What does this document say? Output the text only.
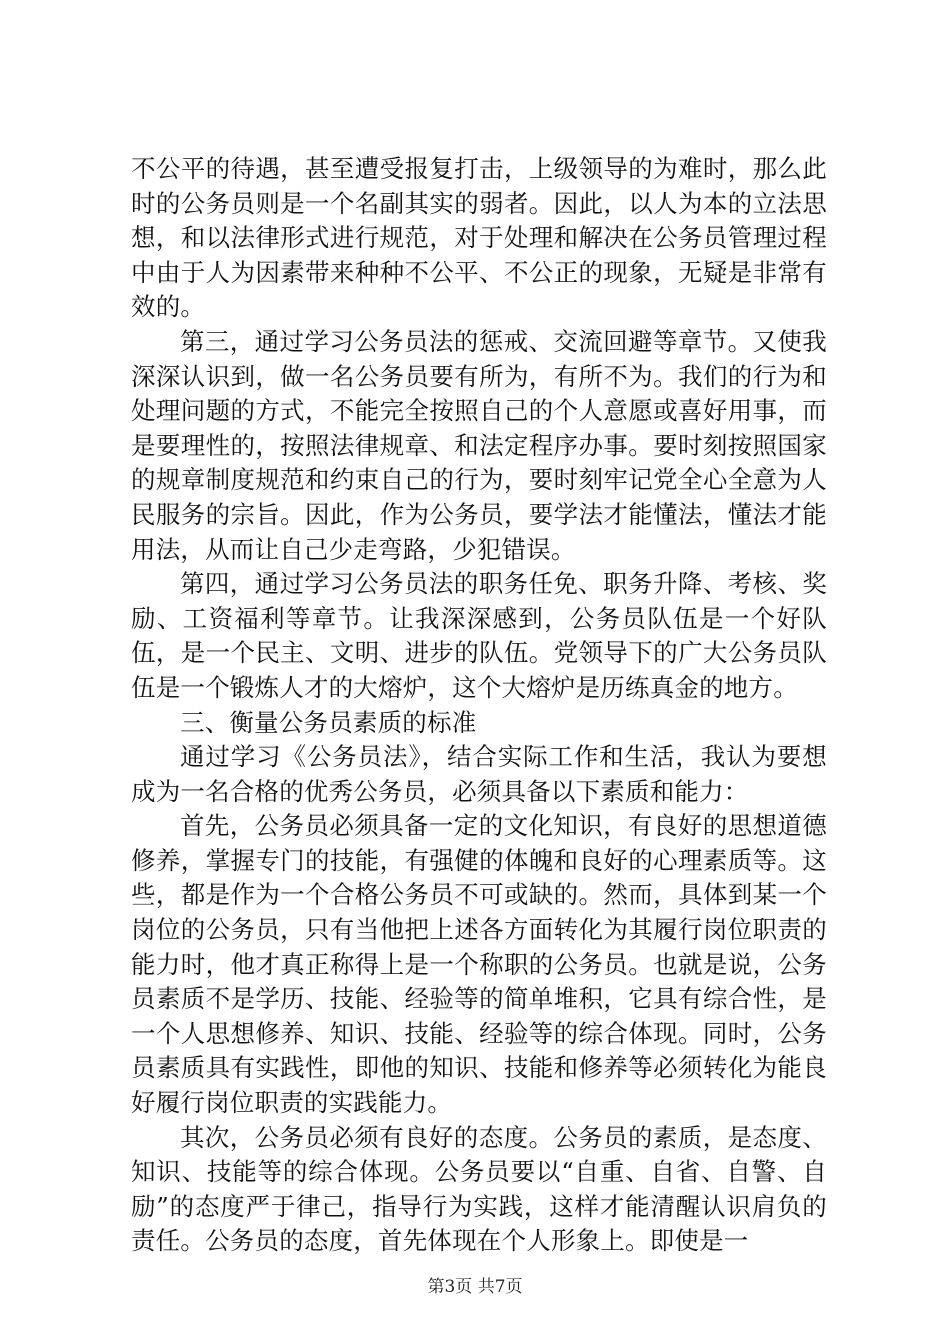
不公平的待遇，甚至遭受报复打击，上级领导的为难时，那么此时的公务员则是一个名副其实的弱者。因此，以人为本的立法思想，和以法律形式进行规范，对于处理和解决在公务员管理过程中由于人为因素带来种种不公平、不公正的现象，无疑是非常有效的。

第三，通过学习公务员法的惩戒、交流回避等章节。又使我深深认识到，做一名公务员要有所为，有所不为。我们的行为和处理问题的方式，不能完全按照自己的个人意愿或喜好用事，而是要理性的，按照法律规章、和法定程序办事。要时刻按照国家的规章制度规范和约束自己的行为，要时刻牢记党全心全意为人民服务的宗旨。因此，作为公务员，要学法才能懂法，懂法才能用法，从而让自己少走弯路，少犯错误。

第四，通过学习公务员法的职务任免、职务升降、考核、奖励、工资福利等章节。让我深深感到，公务员队伍是一个好队伍，是一个民主、文明、进步的队伍。党领导下的广大公务员队伍是一个锻炼人才的大熔炉，这个大熔炉是历练真金的地方。

三、衡量公务员素质的标准

通过学习《公务员法》，结合实际工作和生活，我认为要想成为一名合格的优秀公务员，必须具备以下素质和能力：

首先，公务员必须具备一定的文化知识，有良好的思想道德修养，掌握专门的技能，有强健的体魄和良好的心理素质等。这些，都是作为一个合格公务员不可或缺的。然而，具体到某一个岗位的公务员，只有当他把上述各方面转化为其履行岗位职责的能力时，他才真正称得上是一个称职的公务员。也就是说，公务员素质不是学历、技能、经验等的简单堆积，它具有综合性，是一个人思想修养、知识、技能、经验等的综合体现。同时，公务员素质具有实践性，即他的知识、技能和修养等必须转化为能良好履行岗位职责的实践能力。

其次，公务员必须有良好的态度。公务员的素质，是态度、知识、技能等的综合体现。公务员要以“自重、自省、自警、自励”的态度严于律己，指导行为实践，这样才能清醒认识肩负的责任。公务员的态度，首先体现在个人形象上。即使是一

第3页 共7页
